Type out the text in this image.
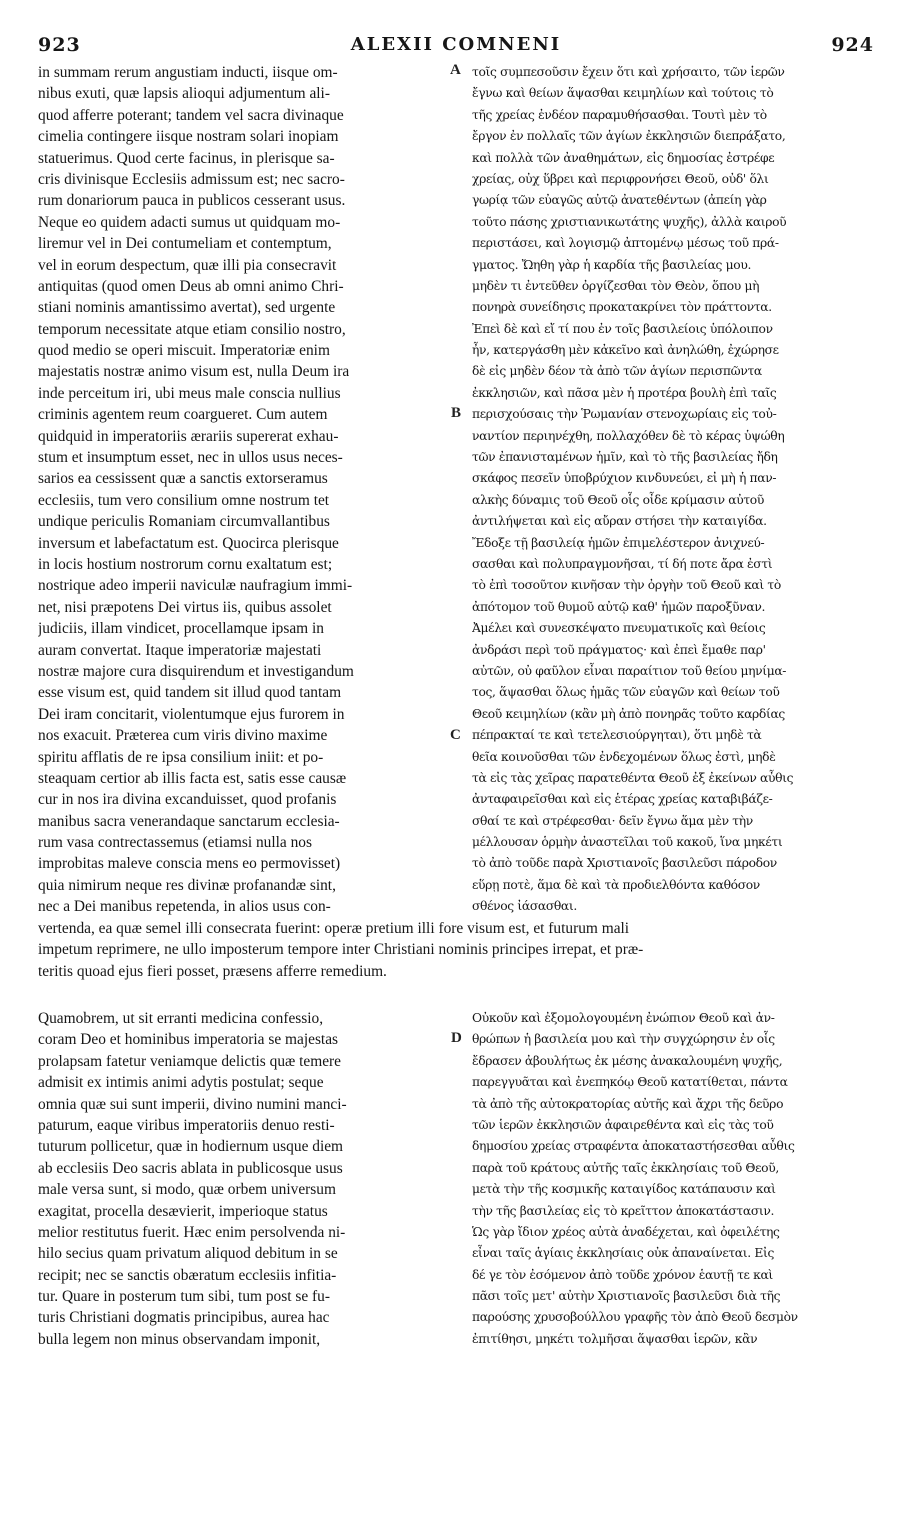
923	ALEXII COMNENI	924
in summam rerum angustiam inducti, iisque om-
nibus exuti, quæ lapsis alioqui adjumentum ali-
quod afferre poterant; tandem vel sacra divinaque
cimelia contingere iisque nostram solari inopiam
statuerimus. Quod certe facinus, in plerisque sa-
cris divinisque Ecclesiis admissum est; nec sacro-
rum donariorum pauca in publicos cesserant usus.
Neque eo quidem adacti sumus ut quidquam mo-
liremur vel in Dei contumeliam et contemptum,
vel in eorum despectum, quæ illi pia consecravit
antiquitas (quod omen Deus ab omni animo Chri-
stiani nominis amantissimo avertat), sed urgente
temporum necessitate atque etiam consilio nostro,
quod medio se operi miscuit. Imperatoriæ enim
majestatis nostræ animo visum est, nulla Deum ira
inde perceitum iri, ubi meus male conscia nullius
criminis agentem reum coargueret. Cum autem
quidquid in imperatoriis ærariis supererat exhau-
stum et insumptum esset, nec in ullos usus neces-
sarios ea cessissent quæ a sanctis extorseramus
ecclesiis, tum vero consilium omne nostrum tet
undique periculis Romaniam circumvallantibus
inversum et labefactatum est. Quocirca plerisque
in locis hostium nostrorum cornu exaltatum est;
nostrique adeo imperii naviculæ naufragium immi-
net, nisi præpotens Dei virtus iis, quibus assolet
judiciis, illam vindicet, procellamque ipsam in
auram convertat. Itaque imperatoriæ majestati
nostræ majore cura disquirendum et investigandum
esse visum est, quid tandem sit illud quod tantam
Dei iram concitarit, violentumque ejus furorem in
nos exacuit. Præterea cum viris divino maxime
spiritu afflatis de re ipsa consilium iniit: et po-
steaquam certior ab illis facta est, satis esse causæ
cur in nos ira divina excanduisset, quod profanis
manibus sacra venerandaque sanctarum ecclesia-
rum vasa contrectassemus (etiamsi nulla nos
improbitas maleve conscia mens eo permovisset)
quia nimirum neque res divinæ profanandæ sint,
nec a Dei manibus repetenda, in alios usus con-
τοῖς συμπεσοῦσιν ἔχειν ὅτι καὶ χρήσαιτο, τῶν ἱερῶν
ἔγνω καὶ θείων ἅψασθαι κειμηλίων καὶ τούτοις τὸ
τῆς χρείας ἐνδέον παραμυθήσασθαι. Τουτὶ μὲν τὸ
ἔργον ἐν πολλαῖς τῶν ἁγίων ἐκκλησιῶν διεπράξατο,
καὶ πολλὰ τῶν ἀναθημάτων, εἰς δημοσίας ἐστρέφε
χρείας, οὐχ ὕβρει καὶ περιφρονήσει Θεοῦ, οὐδ' ὅλι
γωρίᾳ τῶν εὐαγῶς αὐτῷ ἀνατεθέντων (ἀπείη γὰρ
τοῦτο πάσης χριστιανικωτάτης ψυχῆς), ἀλλὰ καιροῦ
περιστάσει, καὶ λογισμῷ ἀπτομένῳ μέσως τοῦ πρά-
γματος. Ὤηθη γὰρ ἡ καρδία τῆς βασιλείας μου.
μηδὲν τι ἐντεῦθεν ὀργίζεσθαι τὸν Θεὸν, ὅπου μὴ
πονηρὰ συνείδησις προκατακρίνει τὸν πράττοντα.
Ἐπεὶ δὲ καὶ εἴ τί που ἐν τοῖς βασιλείοις ὑπόλοιπον
ἦν, κατεργάσθη μὲν κἀκεῖνο καὶ ἀνηλώθη, ἐχώρησε
δὲ εἰς μηδὲν δέον τὰ ἀπὸ τῶν ἁγίων περισπῶντα
ἐκκλησιῶν, καὶ πᾶσα μὲν ἡ προτέρα βουλὴ ἐπὶ ταῖς
περισχούσαις τὴν Ῥωμανίαν στενοχωρίαις εἰς τοὐ-
ναντίον περιηνέχθη, πολλαχόθεν δὲ τὸ κέρας ὑψώθη
τῶν ἐπανισταμένων ἡμῖν, καὶ τὸ τῆς βασιλείας ἤδη
σκάφος πεσεῖν ὑποβρύχιον κινδυνεύει, εἰ μὴ ἡ παν-
αλκὴς δύναμις τοῦ Θεοῦ οἷς οἶδε κρίμασιν αὐτοῦ
ἀντιλήψεται καὶ εἰς αὔραν στήσει τὴν καταιγίδα.
Ἔδοξε τῇ βασιλείᾳ ἡμῶν ἐπιμελέστερον ἀνιχνεύ-
σασθαι καὶ πολυπραγμονῆσαι, τί δή ποτε ἄρα ἐστὶ
τὸ ἐπὶ τοσοῦτον κινῆσαν τὴν ὀργὴν τοῦ Θεοῦ καὶ τὸ
ἀπότομον τοῦ θυμοῦ αὐτῷ καθ' ἡμῶν παροξῦναν.
Ἀμέλει καὶ συνεσκέψατο πνευματικοῖς καὶ θείοις
ἀνδράσι περὶ τοῦ πράγματος· καὶ ἐπεὶ ἔμαθε παρ'
αὐτῶν, οὐ φαῦλον εἶναι παραίτιον τοῦ θείου μηνίμα-
τος, ἅψασθαι ὅλως ἡμᾶς τῶν εὐαγῶν καὶ θείων τοῦ
Θεοῦ κειμηλίων (κἂν μὴ ἀπὸ πονηρᾶς τοῦτο καρδίας
πέπρακταί τε καὶ τετελεσιούργηται), ὅτι μηδὲ τὰ
θεῖα κοινοῦσθαι τῶν ἐνδεχομένων ὅλως ἐστὶ, μηδὲ
τὰ εἰς τὰς χεῖρας παρατεθέντα Θεοῦ ἐξ ἐκείνων αὖθις
ἀνταφαιρεῖσθαι καὶ εἰς ἑτέρας χρείας καταβιβάζε-
σθαί τε καὶ στρέφεσθαι· δεῖν ἔγνω ἅμα μὲν τὴν
μέλλουσαν ὁρμὴν ἀναστεῖλαι τοῦ κακοῦ, ἵνα μηκέτι
τὸ ἀπὸ τοῦδε παρὰ Χριστιανοῖς βασιλεῦσι πάροδον
εὕρῃ ποτὲ, ἅμα δὲ καὶ τὰ προδιελθόντα καθόσον
σθένος ἰάσασθαι.
vertenda, ea quæ semel illi consecrata fuerint: operæ pretium illi fore visum est, et futurum mali
impetum reprimere, ne ullo imposterum tempore inter Christiani nominis principes irrepat, et præ-
teritis quoad ejus fieri posset, præsens afferre remedium.
Quamobrem, ut sit erranti medicina confessio,
coram Deo et hominibus imperatoria se majestas
prolapsam fatetur veniamque delictis quæ temere
admisit ex intimis animi adytis postulat; seque
omnia quæ sui sunt imperii, divino numini manci-
paturum, eaque viribus imperatoriis denuo resti-
tuturum pollicetur, quæ in hodiernum usque diem
ab ecclesiis Deo sacris ablata in publicosque usus
male versa sunt, si modo, quæ orbem universum
exagitat, procella desævierit, imperioque status
melior restitutus fuerit. Hæc enim persolvenda ni-
hilo secius quam privatum aliquod debitum in se
recipit; nec se sanctis obæratum ecclesiis infitia-
tur. Quare in posterum tum sibi, tum post se fu-
turis Christiani dogmatis principibus, aurea hac
bulla legem non minus observandam imponit,
Οὐκοῦν καὶ ἐξομολογουμένη ἐνώπιον Θεοῦ καὶ ἀν-
θρώπων ἡ βασιλεία μου καὶ τὴν συγχώρησιν ἐν οἷς
ἔδρασεν ἀβουλήτως ἐκ μέσης ἀνακαλουμένη ψυχῆς,
παρεγγυᾶται καὶ ἐνεπηκόῳ Θεοῦ κατατίθεται, πάντα
τὰ ἀπὸ τῆς αὐτοκρατορίας αὐτῆς καὶ ἄχρι τῆς δεῦρο
τῶν ἱερῶν ἐκκλησιῶν ἀφαιρεθέντα καὶ εἰς τὰς τοῦ
δημοσίου χρείας στραφέντα ἀποκαταστήσεσθαι αὖθις
παρὰ τοῦ κράτους αὐτῆς ταῖς ἐκκλησίαις τοῦ Θεοῦ,
μετὰ τὴν τῆς κοσμικῆς καταιγίδος κατάπαυσιν καὶ
τὴν τῆς βασιλείας εἰς τὸ κρεῖττον ἀποκατάστασιν.
Ὡς γὰρ ἴδιον χρέος αὐτὰ ἀναδέχεται, καὶ ὀφειλέτης
εἶναι ταῖς ἁγίαις ἐκκλησίαις οὐκ ἀπαναίνεται. Εἰς
δέ γε τὸν ἐσόμενον ἀπὸ τοῦδε χρόνον ἑαυτῇ τε καὶ
πᾶσι τοῖς μετ' αὐτὴν Χριστιανοῖς βασιλεῦσι διὰ τῆς
παρούσης χρυσοβούλλου γραφῆς τὸν ἀπὸ Θεοῦ δεσμὸν
ἐπιτίθησι, μηκέτι τολμῆσαι ἅψασθαι ἱερῶν, κἂν
A
B
C
D
